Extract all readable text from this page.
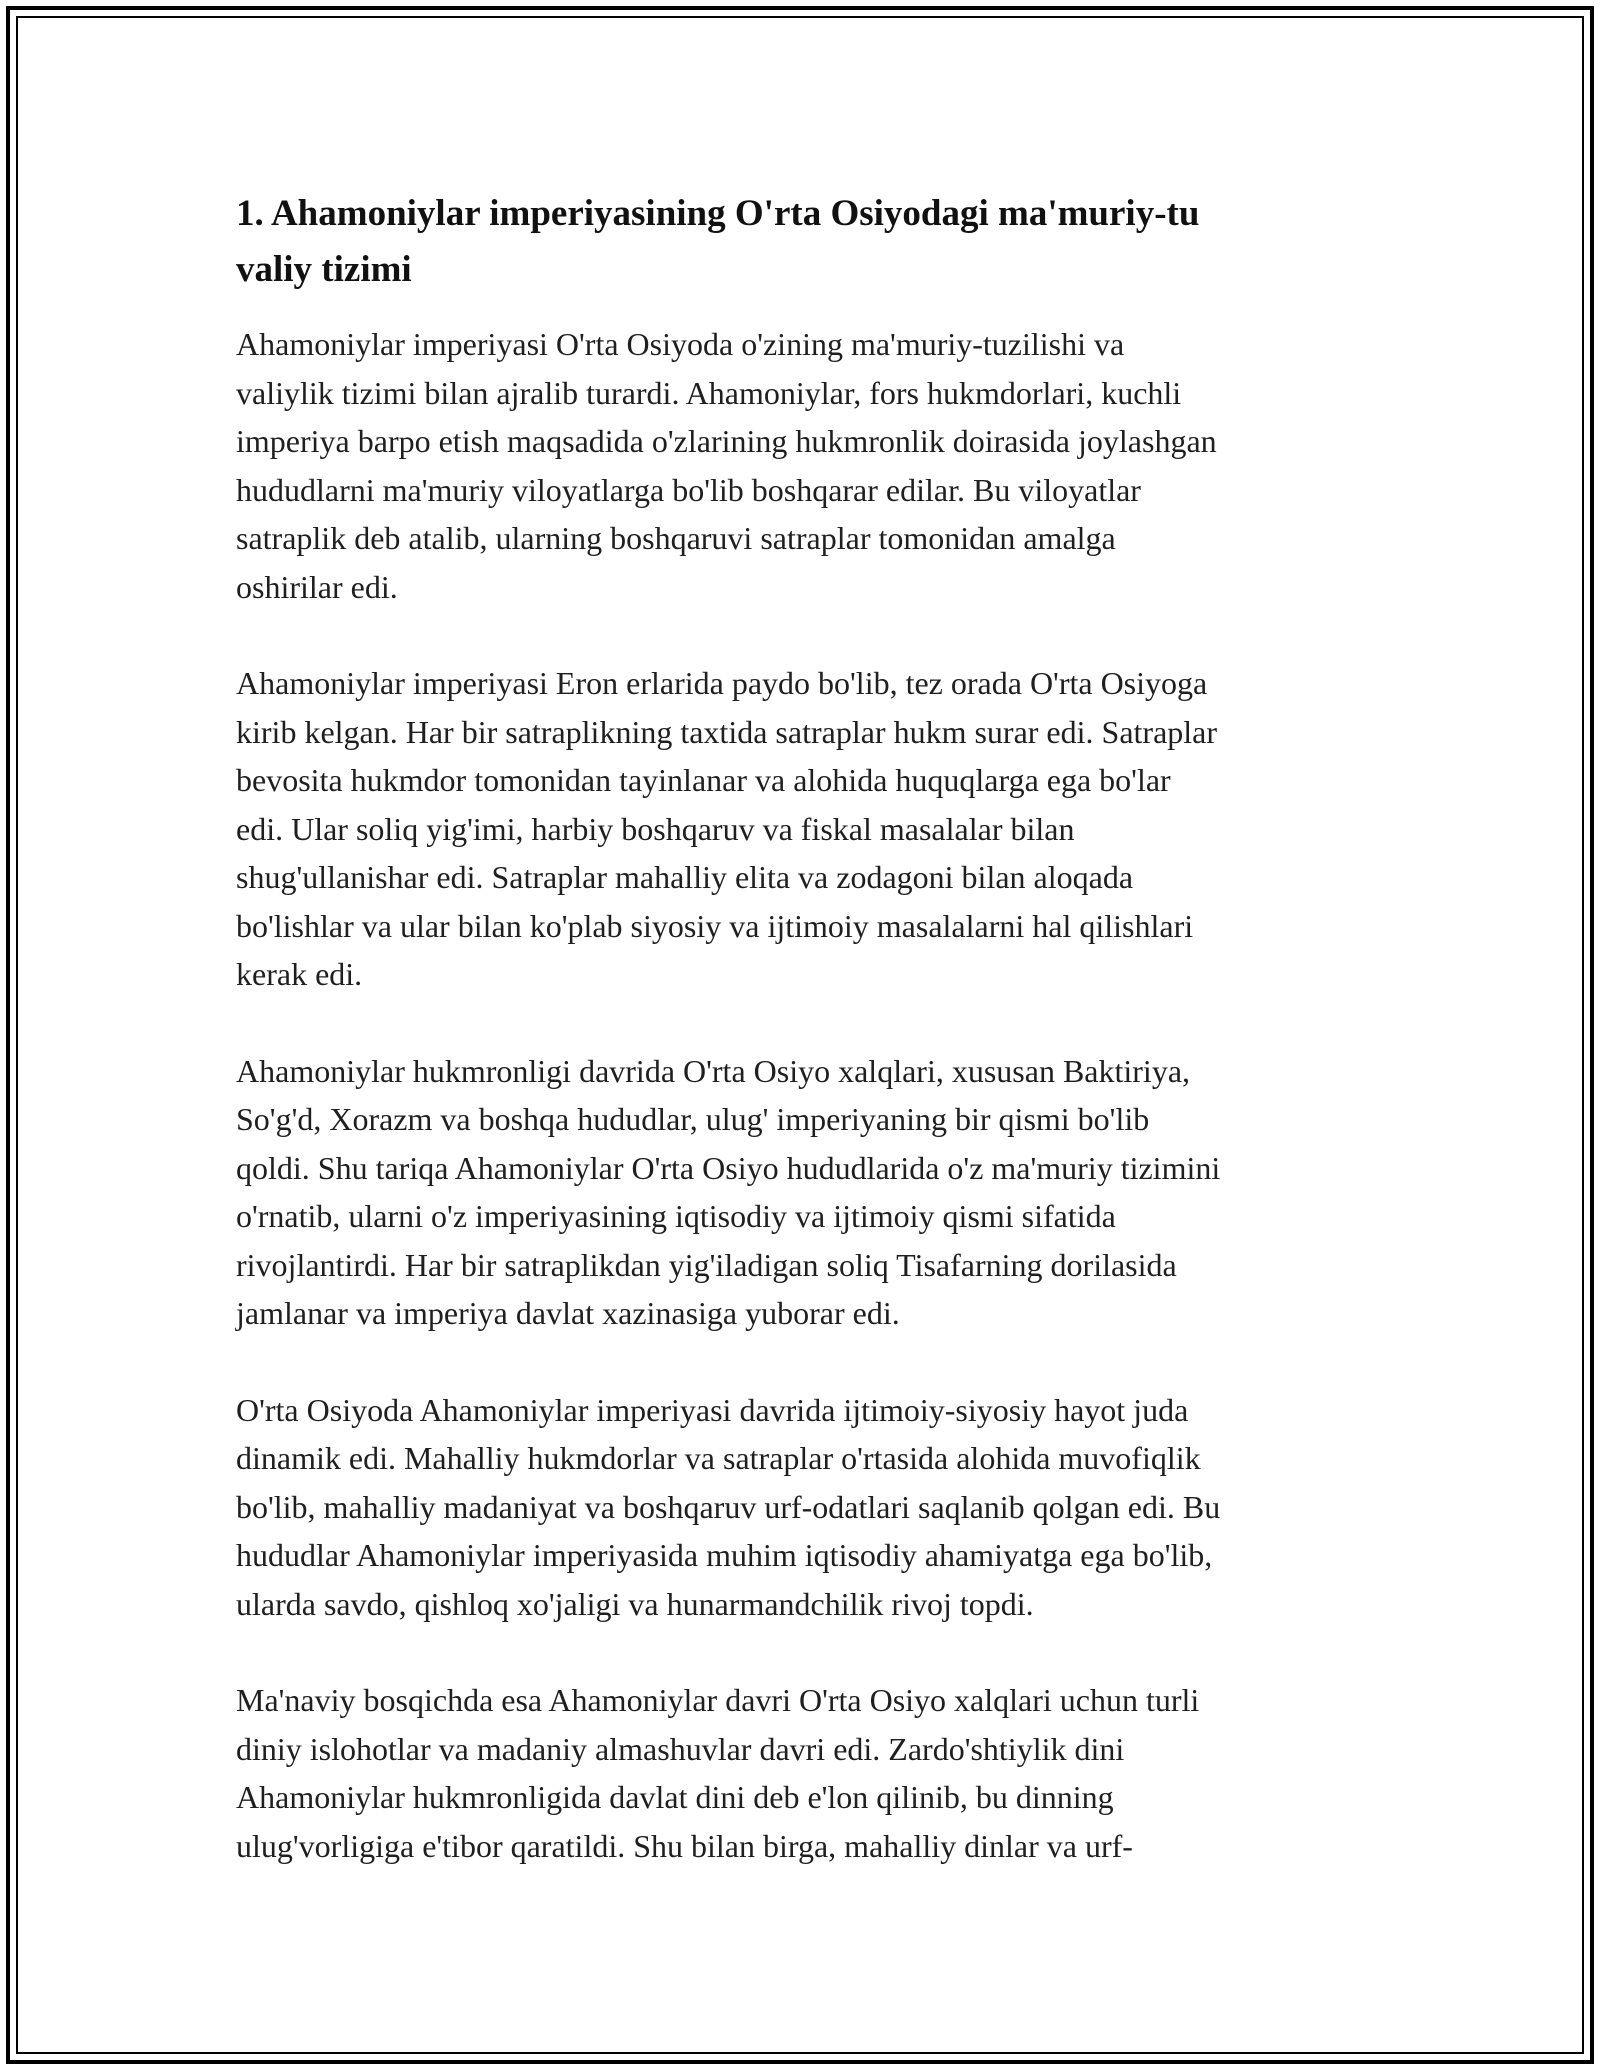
1. Ahamoniylar imperiyasining O'rta Osiyodagi ma'muriy-tu
valiy tizimi

Ahamoniylar imperiyasi O'rta Osiyoda o'zining ma'muriy-tuzilishi va
valiylik tizimi bilan ajralib turardi. Ahamoniylar, fors hukmdorlari, kuchli
imperiya barpo etish maqsadida o'zlarining hukmronlik doirasida joylashgan
hududlarni ma'muriy viloyatlarga bo'lib boshqarar edilar. Bu viloyatlar
satraplik deb atalib, ularning boshqaruvi satraplar tomonidan amalga
oshirilar edi.

Ahamoniylar imperiyasi Eron erlarida paydo bo'lib, tez orada O'rta Osiyoga
kirib kelgan. Har bir satraplikning taxtida satraplar hukm surar edi. Satraplar
bevosita hukmdor tomonidan tayinlanar va alohida huquqlarga ega bo'lar
edi. Ular soliq yig'imi, harbiy boshqaruv va fiskal masalalar bilan
shug'ullanishar edi. Satraplar mahalliy elita va zodagoni bilan aloqada
bo'lishlar va ular bilan ko'plab siyosiy va ijtimoiy masalalarni hal qilishlari
kerak edi.

Ahamoniylar hukmronligi davrida O'rta Osiyo xalqlari, xususan Baktiriya,
So'g'd, Xorazm va boshqa hududlar, ulug' imperiyaning bir qismi bo'lib
qoldi. Shu tariqa Ahamoniylar O'rta Osiyo hududlarida o'z ma'muriy tizimini
o'rnatib, ularni o'z imperiyasining iqtisodiy va ijtimoiy qismi sifatida
rivojlantirdi. Har bir satraplikdan yig'iladigan soliq Tisafarning dorilasida
jamlanar va imperiya davlat xazinasiga yuborar edi.

O'rta Osiyoda Ahamoniylar imperiyasi davrida ijtimoiy-siyosiy hayot juda
dinamik edi. Mahalliy hukmdorlar va satraplar o'rtasida alohida muvofiqlik
bo'lib, mahalliy madaniyat va boshqaruv urf-odatlari saqlanib qolgan edi. Bu
hududlar Ahamoniylar imperiyasida muhim iqtisodiy ahamiyatga ega bo'lib,
ularda savdo, qishloq xo'jaligi va hunarmandchilik rivoj topdi.

Ma'naviy bosqichda esa Ahamoniylar davri O'rta Osiyo xalqlari uchun turli
diniy islohotlar va madaniy almashuvlar davri edi. Zardo'shtiylik dini
Ahamoniylar hukmronligida davlat dini deb e'lon qilinib, bu dinning
ulug'vorligiga e'tibor qaratildi. Shu bilan birga, mahalliy dinlar va urf-
